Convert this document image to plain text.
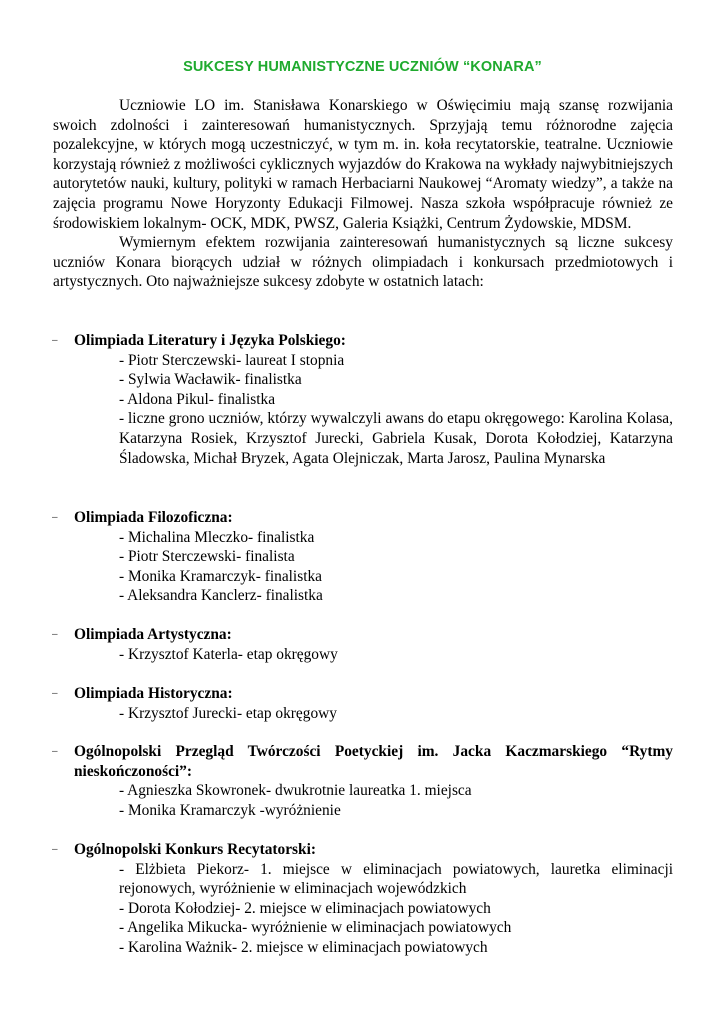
SUKCESY HUMANISTYCZNE UCZNIÓW “KONARA”

Uczniowie LO im. Stanisława Konarskiego w Oświęcimiu mają szansę rozwijania swoich zdolności i zainteresowań humanistycznych. Sprzyjają temu różnorodne zajęcia pozalekcyjne, w których mogą uczestniczyć, w tym m. in. koła recytatorskie, teatralne. Uczniowie korzystają również z możliwości cyklicznych wyjazdów do Krakowa na wykłady najwybitniejszych autorytetów nauki, kultury, polityki w ramach Herbaciarni Naukowej “Aromaty wiedzy”, a także na zajęcia programu Nowe Horyzonty Edukacji Filmowej. Nasza szkoła współpracuje również ze środowiskiem lokalnym- OCK, MDK, PWSZ, Galeria Książki, Centrum Żydowskie, MDSM.

Wymiernym efektem rozwijania zainteresowań humanistycznych są liczne sukcesy uczniów Konara biorących udział w różnych olimpiadach i konkursach przedmiotowych i artystycznych. Oto najważniejsze sukcesy zdobyte w ostatnich latach:

– Olimpiada Literatury i Języka Polskiego:
- Piotr Sterczewski- laureat I stopnia
- Sylwia Wacławik- finalistka
- Aldona Pikul- finalistka
- liczne grono uczniów, którzy wywalczyli awans do etapu okręgowego: Karolina Kolasa, Katarzyna Rosiek, Krzysztof Jurecki, Gabriela Kusak, Dorota Kołodziej, Katarzyna Śladowska, Michał Bryzek, Agata Olejniczak, Marta Jarosz, Paulina Mynarska
– Olimpiada Filozoficzna:
- Michalina Mleczko- finalistka
- Piotr Sterczewski- finalista
- Monika Kramarczyk- finalistka
- Aleksandra Kanclerz- finalistka
– Olimpiada Artystyczna:
- Krzysztof Katerla- etap okręgowy
– Olimpiada Historyczna:
- Krzysztof Jurecki- etap okręgowy
– Ogólnopolski Przegląd Twórczości Poetyckiej im. Jacka Kaczmarskiego “Rytmy nieskończoności”:
- Agnieszka Skowronek- dwukrotnie laureatka 1. miejsca
- Monika Kramarczyk -wyróżnienie
– Ogólnopolski Konkurs Recytatorski:
- Elżbieta Piekorz- 1. miejsce w eliminacjach powiatowych, lauretka eliminacji rejonowych, wyróżnienie w eliminacjach wojewódzkich
- Dorota Kołodziej- 2. miejsce w eliminacjach powiatowych
- Angelika Mikucka- wyróżnienie w eliminacjach powiatowych
- Karolina Ważnik- 2. miejsce w eliminacjach powiatowych
